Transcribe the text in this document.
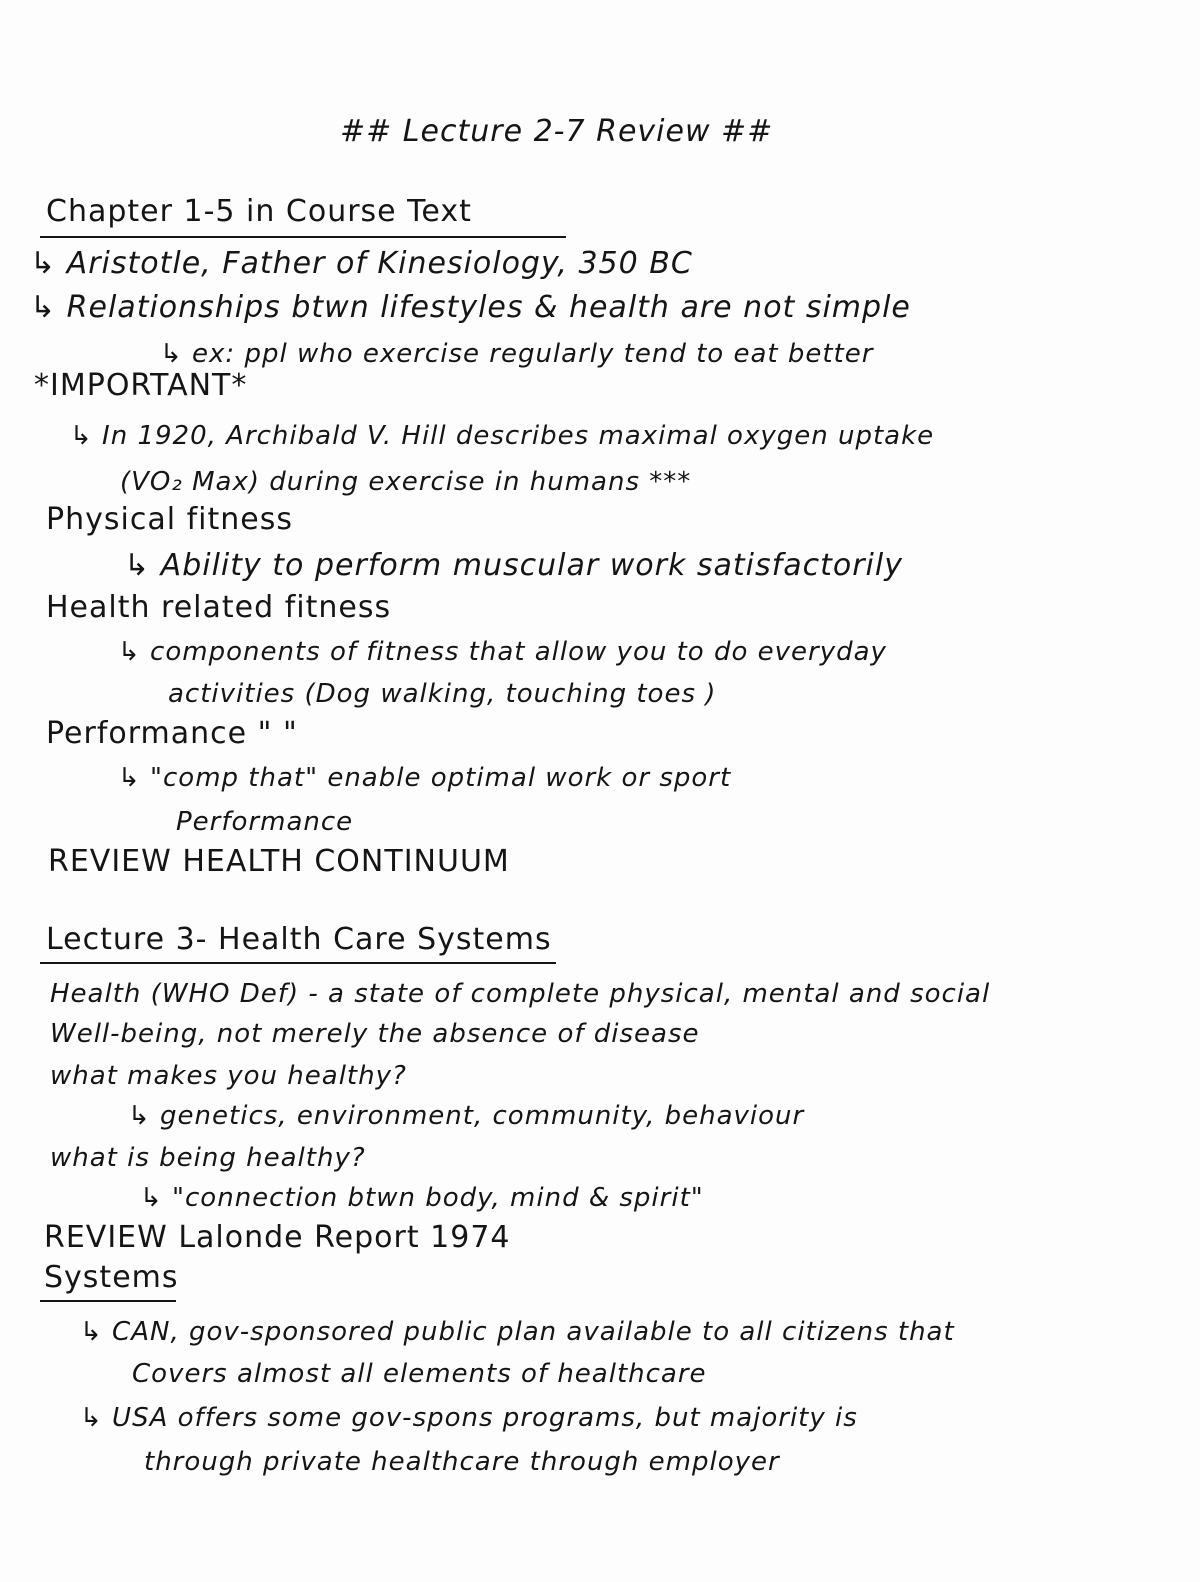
## Lecture 2-7 Review ##
Chapter 1-5 in Course Text
↳ Aristotle, Father of Kinesiology, 350 BC
↳ Relationships btwn lifestyles & health are not simple
↳ ex: ppl who exercise regularly tend to eat better
*IMPORTANT*
↳ In 1920, Archibald V. Hill describes maximal oxygen uptake
(VO₂ Max) during exercise in humans ***
Physical fitness
↳ Ability to perform muscular work satisfactorily
Health related fitness
↳ components of fitness that allow you to do everyday
activities (Dog walking, touching toes )
Performance " "
↳ "comp that" enable optimal work or sport
Performance
REVIEW HEALTH CONTINUUM
Lecture 3- Health Care Systems
Health (WHO Def) - a state of complete physical, mental and social
Well-being, not merely the absence of disease
what makes you healthy?
↳ genetics, environment, community, behaviour
what is being healthy?
↳ "connection btwn body, mind & spirit"
REVIEW Lalonde Report 1974
Systems
↳ CAN, gov-sponsored public plan available to all citizens that
Covers almost all elements of healthcare
↳ USA offers some gov-spons programs, but majority is
through private healthcare through employer
